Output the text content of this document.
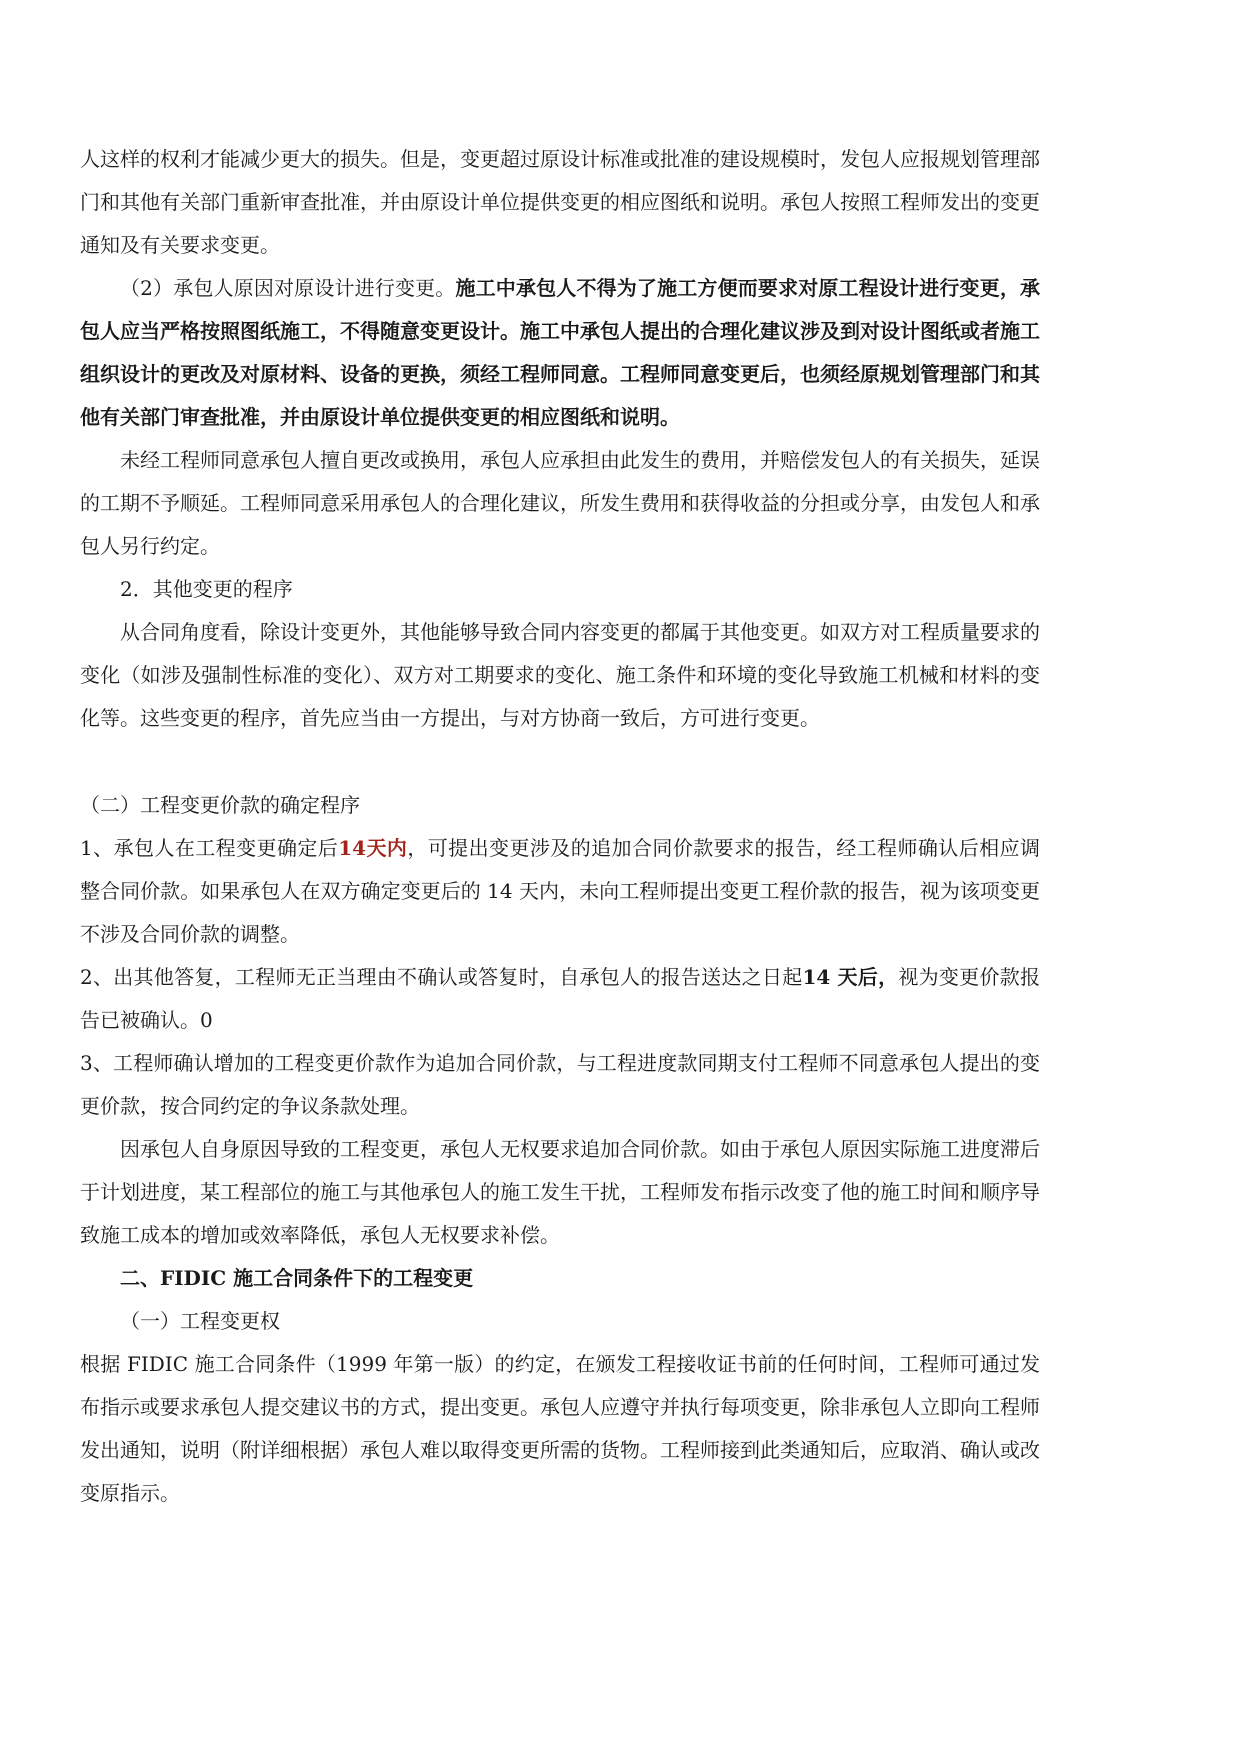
人这样的权利才能减少更大的损失。但是，变更超过原设计标准或批准的建设规模时，发包人应报规划管理部门和其他有关部门重新审查批准，并由原设计单位提供变更的相应图纸和说明。承包人按照工程师发出的变更通知及有关要求变更。

（2）承包人原因对原设计进行变更。施工中承包人不得为了施工方便而要求对原工程设计进行变更，承包人应当严格按照图纸施工，不得随意变更设计。施工中承包人提出的合理化建议涉及到对设计图纸或者施工组织设计的更改及对原材料、设备的更换，须经工程师同意。工程师同意变更后，也须经原规划管理部门和其他有关部门审查批准，并由原设计单位提供变更的相应图纸和说明。

未经工程师同意承包人擅自更改或换用，承包人应承担由此发生的费用，并赔偿发包人的有关损失，延误的工期不予顺延。工程师同意采用承包人的合理化建议，所发生费用和获得收益的分担或分享，由发包人和承包人另行约定。

2．其他变更的程序

从合同角度看，除设计变更外，其他能够导致合同内容变更的都属于其他变更。如双方对工程质量要求的变化（如涉及强制性标准的变化）、双方对工期要求的变化、施工条件和环境的变化导致施工机械和材料的变化等。这些变更的程序，首先应当由一方提出，与对方协商一致后，方可进行变更。

（二）工程变更价款的确定程序

1、承包人在工程变更确定后14天内，可提出变更涉及的追加合同价款要求的报告，经工程师确认后相应调整合同价款。如果承包人在双方确定变更后的 14 天内，未向工程师提出变更工程价款的报告，视为该项变更不涉及合同价款的调整。

2、出其他答复，工程师无正当理由不确认或答复时，自承包人的报告送达之日起14 天后，视为变更价款报告已被确认。0

3、工程师确认增加的工程变更价款作为追加合同价款，与工程进度款同期支付工程师不同意承包人提出的变更价款，按合同约定的争议条款处理。

因承包人自身原因导致的工程变更，承包人无权要求追加合同价款。如由于承包人原因实际施工进度滞后于计划进度，某工程部位的施工与其他承包人的施工发生干扰，工程师发布指示改变了他的施工时间和顺序导致施工成本的增加或效率降低，承包人无权要求补偿。

二、FIDIC 施工合同条件下的工程变更

（一）工程变更权

根据 FIDIC 施工合同条件（1999 年第一版）的约定，在颁发工程接收证书前的任何时间，工程师可通过发布指示或要求承包人提交建议书的方式，提出变更。承包人应遵守并执行每项变更，除非承包人立即向工程师发出通知，说明（附详细根据）承包人难以取得变更所需的货物。工程师接到此类通知后，应取消、确认或改变原指示。
